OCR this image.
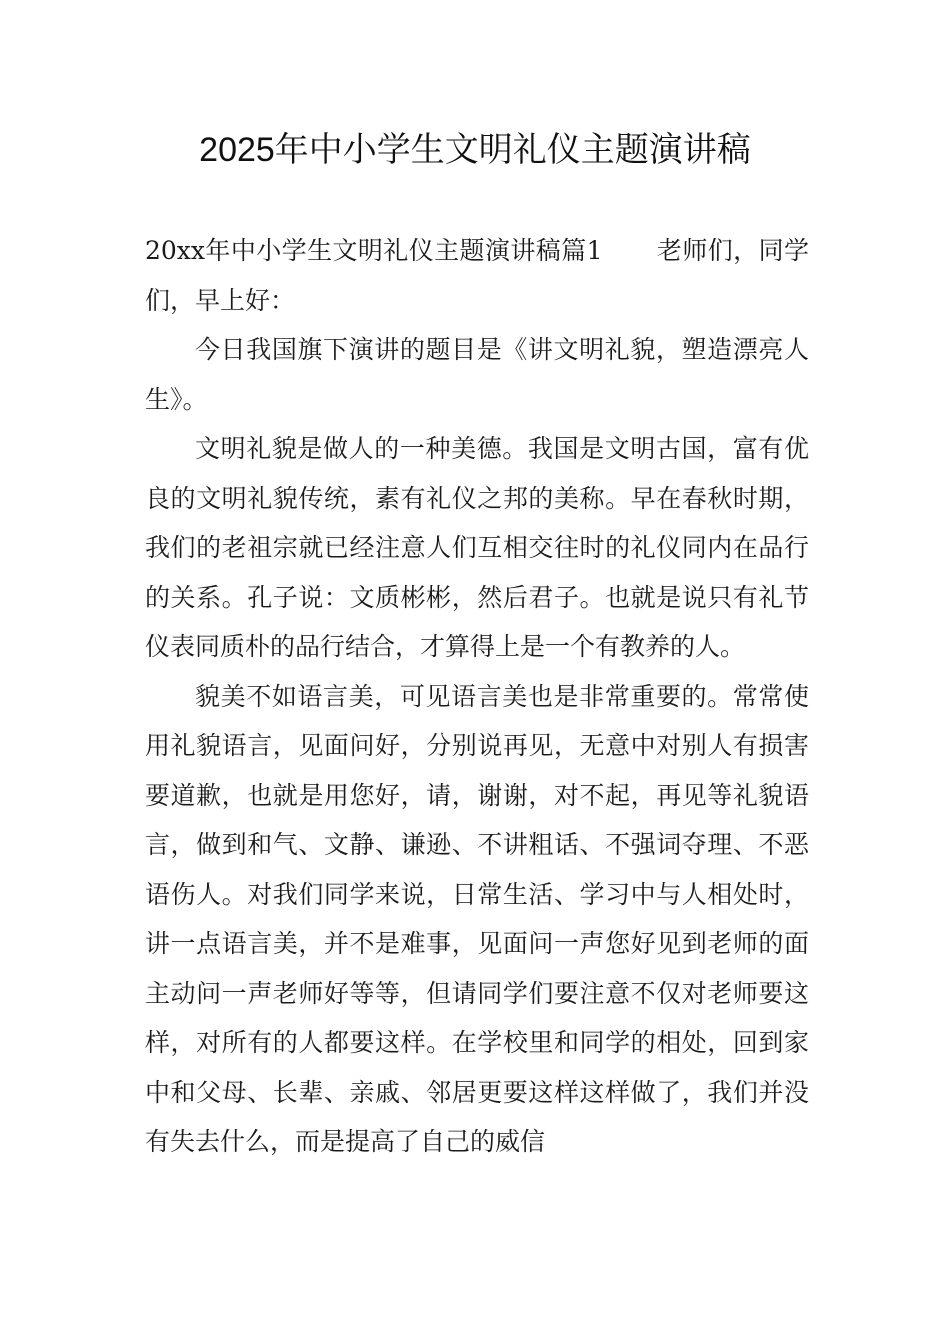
2025年中小学生文明礼仪主题演讲稿

20xx年中小学生文明礼仪主题演讲稿篇1 老师们，同学们，早上好：

今日我国旗下演讲的题目是《讲文明礼貌，塑造漂亮人生》。

文明礼貌是做人的一种美德。我国是文明古国，富有优良的文明礼貌传统，素有礼仪之邦的美称。早在春秋时期，我们的老祖宗就已经注意人们互相交往时的礼仪同内在品行的关系。孔子说：文质彬彬，然后君子。也就是说只有礼节仪表同质朴的品行结合，才算得上是一个有教养的人。

貌美不如语言美，可见语言美也是非常重要的。常常使用礼貌语言，见面问好，分别说再见，无意中对别人有损害要道歉，也就是用您好，请，谢谢，对不起，再见等礼貌语言，做到和气、文静、谦逊、不讲粗话、不强词夺理、不恶语伤人。对我们同学来说，日常生活、学习中与人相处时，讲一点语言美，并不是难事，见面问一声您好见到老师的面主动问一声老师好等等，但请同学们要注意不仅对老师要这样，对所有的人都要这样。在学校里和同学的相处，回到家中和父母、长辈、亲戚、邻居更要这样这样做了，我们并没有失去什么，而是提高了自己的威信
